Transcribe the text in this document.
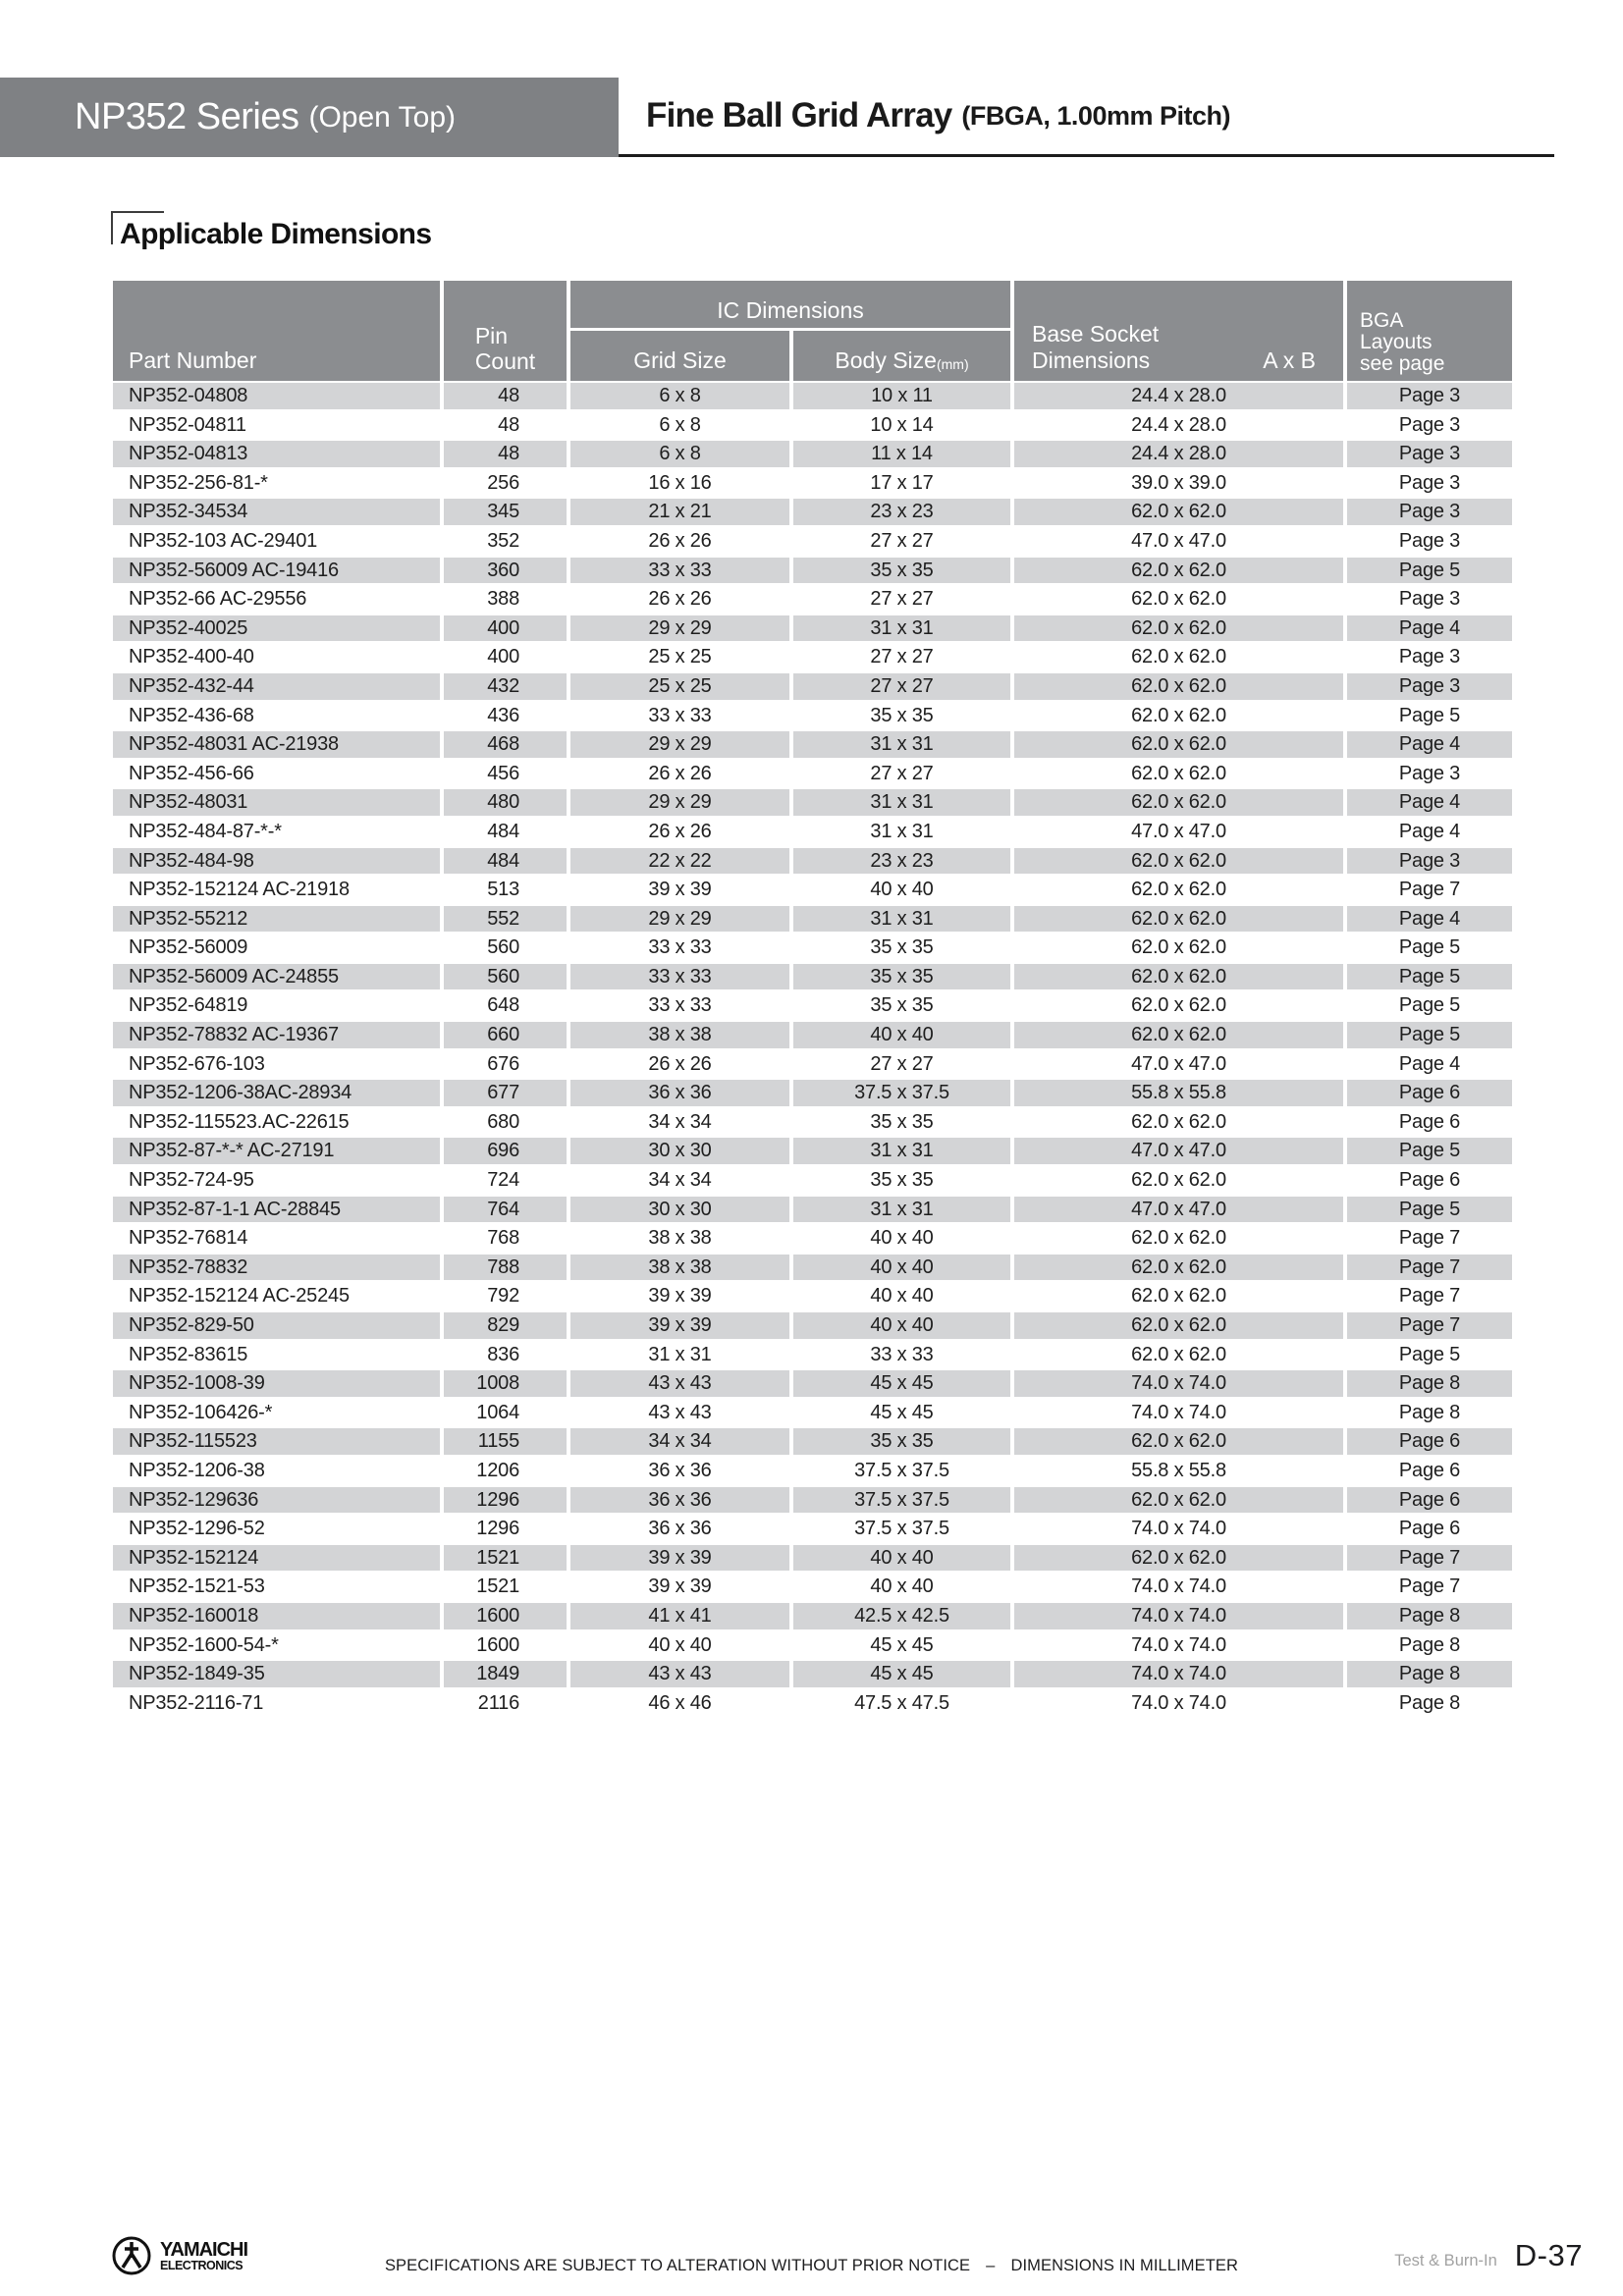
NP352 Series (Open Top)	Fine Ball Grid Array (FBGA, 1.00mm Pitch)
Applicable Dimensions
Part Number
Pin
Count
IC Dimensions
Grid Size	Body Size (mm)
Base Socket
Dimensions	A x B
BGA
Layouts
see page
NP352-04808	48	6 x 8	10 x 11	24.4 x 28.0	Page 3
NP352-04811	48	6 x 8	10 x 14	24.4 x 28.0	Page 3
NP352-04813	48	6 x 8	11 x 14	24.4 x 28.0	Page 3
NP352-256-81-*	256	16 x 16	17 x 17	39.0 x 39.0	Page 3
NP352-34534	345	21 x 21	23 x 23	62.0 x 62.0	Page 3
NP352-103 AC-29401	352	26 x 26	27 x 27	47.0 x 47.0	Page 3
NP352-56009 AC-19416	360	33 x 33	35 x 35	62.0 x 62.0	Page 5
NP352-66 AC-29556	388	26 x 26	27 x 27	62.0 x 62.0	Page 3
NP352-40025	400	29 x 29	31 x 31	62.0 x 62.0	Page 4
NP352-400-40	400	25 x 25	27 x 27	62.0 x 62.0	Page 3
NP352-432-44	432	25 x 25	27 x 27	62.0 x 62.0	Page 3
NP352-436-68	436	33 x 33	35 x 35	62.0 x 62.0	Page 5
NP352-48031 AC-21938	468	29 x 29	31 x 31	62.0 x 62.0	Page 4
NP352-456-66	456	26 x 26	27 x 27	62.0 x 62.0	Page 3
NP352-48031	480	29 x 29	31 x 31	62.0 x 62.0	Page 4
NP352-484-87-*-*	484	26 x 26	31 x 31	47.0 x 47.0	Page 4
NP352-484-98	484	22 x 22	23 x 23	62.0 x 62.0	Page 3
NP352-152124 AC-21918	513	39 x 39	40 x 40	62.0 x 62.0	Page 7
NP352-55212	552	29 x 29	31 x 31	62.0 x 62.0	Page 4
NP352-56009	560	33 x 33	35 x 35	62.0 x 62.0	Page 5
NP352-56009 AC-24855	560	33 x 33	35 x 35	62.0 x 62.0	Page 5
NP352-64819	648	33 x 33	35 x 35	62.0 x 62.0	Page 5
NP352-78832 AC-19367	660	38 x 38	40 x 40	62.0 x 62.0	Page 5
NP352-676-103	676	26 x 26	27 x 27	47.0 x 47.0	Page 4
NP352-1206-38AC-28934	677	36 x 36	37.5 x 37.5	55.8 x 55.8	Page 6
NP352-115523.AC-22615	680	34 x 34	35 x 35	62.0 x 62.0	Page 6
NP352-87-*-* AC-27191	696	30 x 30	31 x 31	47.0 x 47.0	Page 5
NP352-724-95	724	34 x 34	35 x 35	62.0 x 62.0	Page 6
NP352-87-1-1 AC-28845	764	30 x 30	31 x 31	47.0 x 47.0	Page 5
NP352-76814	768	38 x 38	40 x 40	62.0 x 62.0	Page 7
NP352-78832	788	38 x 38	40 x 40	62.0 x 62.0	Page 7
NP352-152124 AC-25245	792	39 x 39	40 x 40	62.0 x 62.0	Page 7
NP352-829-50	829	39 x 39	40 x 40	62.0 x 62.0	Page 7
NP352-83615	836	31 x 31	33 x 33	62.0 x 62.0	Page 5
NP352-1008-39	1008	43 x 43	45 x 45	74.0 x 74.0	Page 8
NP352-106426-*	1064	43 x 43	45 x 45	74.0 x 74.0	Page 8
NP352-115523	1155	34 x 34	35 x 35	62.0 x 62.0	Page 6
NP352-1206-38	1206	36 x 36	37.5 x 37.5	55.8 x 55.8	Page 6
NP352-129636	1296	36 x 36	37.5 x 37.5	62.0 x 62.0	Page 6
NP352-1296-52	1296	36 x 36	37.5 x 37.5	74.0 x 74.0	Page 6
NP352-152124	1521	39 x 39	40 x 40	62.0 x 62.0	Page 7
NP352-1521-53	1521	39 x 39	40 x 40	74.0 x 74.0	Page 7
NP352-160018	1600	41 x 41	42.5 x 42.5	74.0 x 74.0	Page 8
NP352-1600-54-*	1600	40 x 40	45 x 45	74.0 x 74.0	Page 8
NP352-1849-35	1849	43 x 43	45 x 45	74.0 x 74.0	Page 8
NP352-2116-71	2116	46 x 46	47.5 x 47.5	74.0 x 74.0	Page 8
YAMAICHI
ELECTRONICS	SPECIFICATIONS ARE SUBJECT TO ALTERATION WITHOUT PRIOR NOTICE – DIMENSIONS IN MILLIMETER	Test & Burn-In D-37
